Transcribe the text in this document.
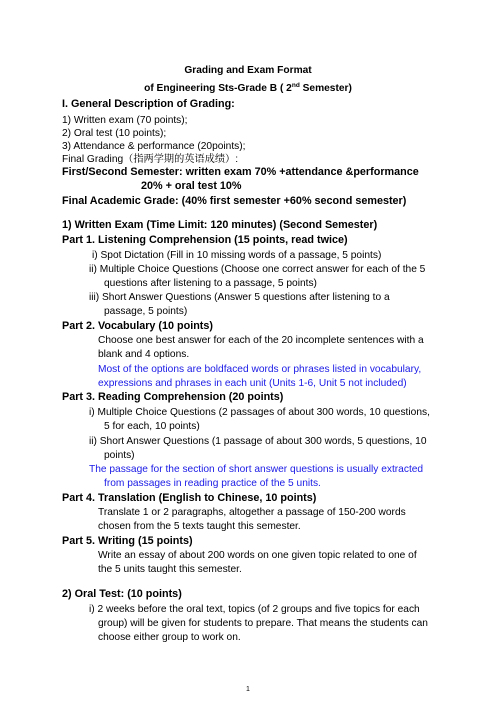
Grading and Exam Format
of Engineering Sts-Grade B ( 2nd Semester)
I. General Description of Grading:
1) Written exam (70 points);
2) Oral test (10 points);
3) Attendance & performance (20points);
Final Grading（指两学期的英语成绩）:
First/Second Semester: written exam 70% +attendance &performance
20% + oral test 10%
Final Academic Grade: (40% first semester +60% second semester)
1) Written Exam (Time Limit: 120 minutes) (Second Semester)
Part 1. Listening Comprehension (15 points, read twice)
i) Spot Dictation (Fill in 10 missing words of a passage, 5 points)
ii) Multiple Choice Questions (Choose one correct answer for each of the 5
questions after listening to a passage, 5 points)
iii) Short Answer Questions (Answer 5 questions after listening to a
passage, 5 points)
Part 2. Vocabulary (10 points)
Choose one best answer for each of the 20 incomplete sentences with a
blank and 4 options.
Most of the options are boldfaced words or phrases listed in vocabulary,
expressions and phrases in each unit (Units 1-6, Unit 5 not included)
Part 3. Reading Comprehension (20 points)
i) Multiple Choice Questions (2 passages of about 300 words, 10 questions,
5 for each, 10 points)
ii) Short Answer Questions (1 passage of about 300 words, 5 questions, 10
points)
The passage for the section of short answer questions is usually extracted
from passages in reading practice of the 5 units.
Part 4. Translation (English to Chinese, 10 points)
Translate 1 or 2 paragraphs, altogether a passage of 150-200 words
chosen from the 5 texts taught this semester.
Part 5. Writing (15 points)
Write an essay of about 200 words on one given topic related to one of
the 5 units taught this semester.
2) Oral Test: (10 points)
i) 2 weeks before the oral text, topics (of 2 groups and five topics for each
group) will be given for students to prepare. That means the students can
choose either group to work on.
1
